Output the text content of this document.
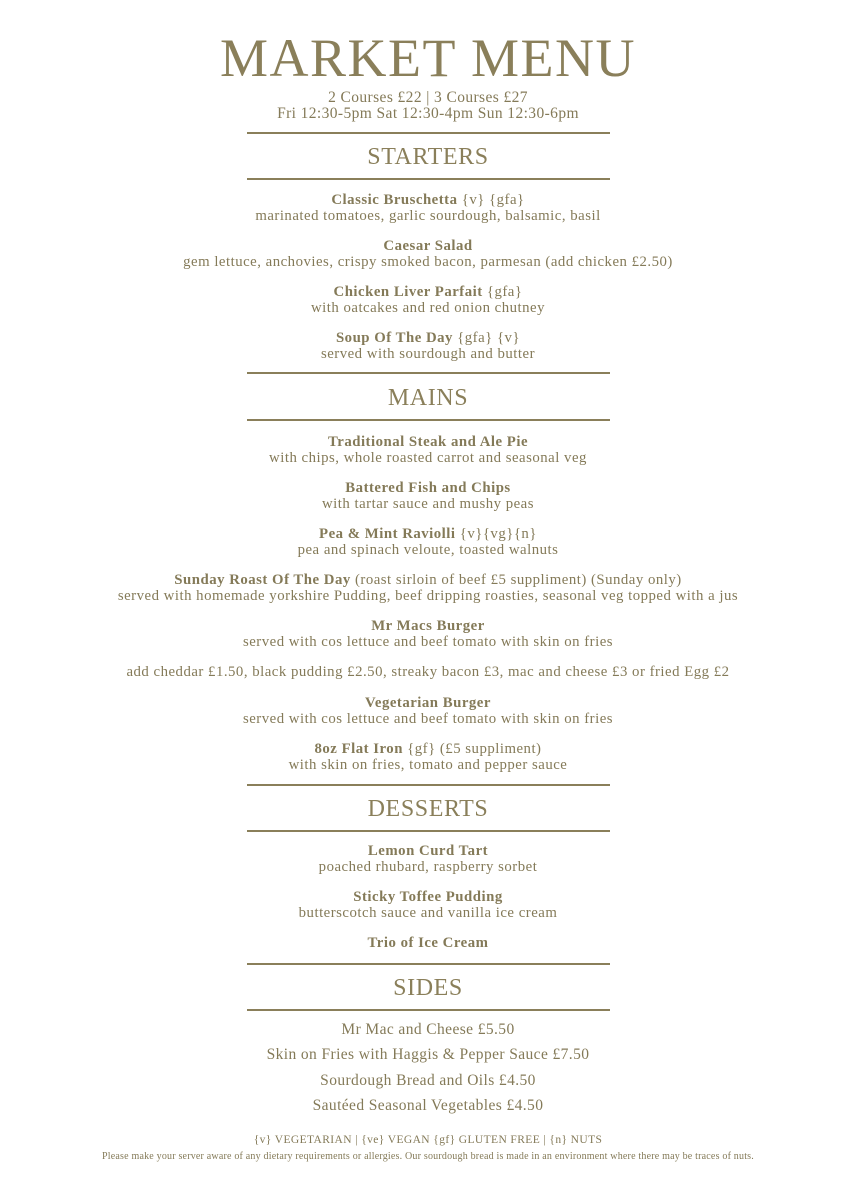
MARKET MENU
2 Courses £22 | 3 Courses £27
Fri 12:30-5pm Sat 12:30-4pm Sun 12:30-6pm
STARTERS
Classic Bruschetta {v} {gfa}
marinated tomatoes, garlic sourdough, balsamic, basil
Caesar Salad
gem lettuce, anchovies, crispy smoked bacon, parmesan (add chicken £2.50)
Chicken Liver Parfait {gfa}
with oatcakes and red onion chutney
Soup Of The Day {gfa} {v}
served with sourdough and butter
MAINS
Traditional Steak and Ale Pie
with chips, whole roasted carrot and seasonal veg
Battered Fish and Chips
with tartar sauce and mushy peas
Pea & Mint Raviolli {v}{vg}{n}
pea and spinach veloute, toasted walnuts
Sunday Roast Of The Day (roast sirloin of beef £5 suppliment) (Sunday only)
served with homemade yorkshire Pudding, beef dripping roasties, seasonal veg topped with a jus
Mr Macs Burger
served with cos lettuce and beef tomato with skin on fries
add cheddar £1.50, black pudding £2.50, streaky bacon £3, mac and cheese £3 or fried Egg £2
Vegetarian Burger
served with cos lettuce and beef tomato with skin on fries
8oz Flat Iron {gf} (£5 suppliment)
with skin on fries, tomato and pepper sauce
DESSERTS
Lemon Curd Tart
poached rhubard, raspberry sorbet
Sticky Toffee Pudding
butterscotch sauce and vanilla ice cream
Trio of Ice Cream
SIDES
Mr Mac and Cheese £5.50
Skin on Fries with Haggis & Pepper Sauce £7.50
Sourdough Bread and Oils £4.50
Sautéed Seasonal Vegetables £4.50
{v} VEGETARIAN | {ve} VEGAN {gf} GLUTEN FREE | {n} NUTS
Please make your server aware of any dietary requirements or allergies. Our sourdough bread is made in an environment where there may be traces of nuts.
